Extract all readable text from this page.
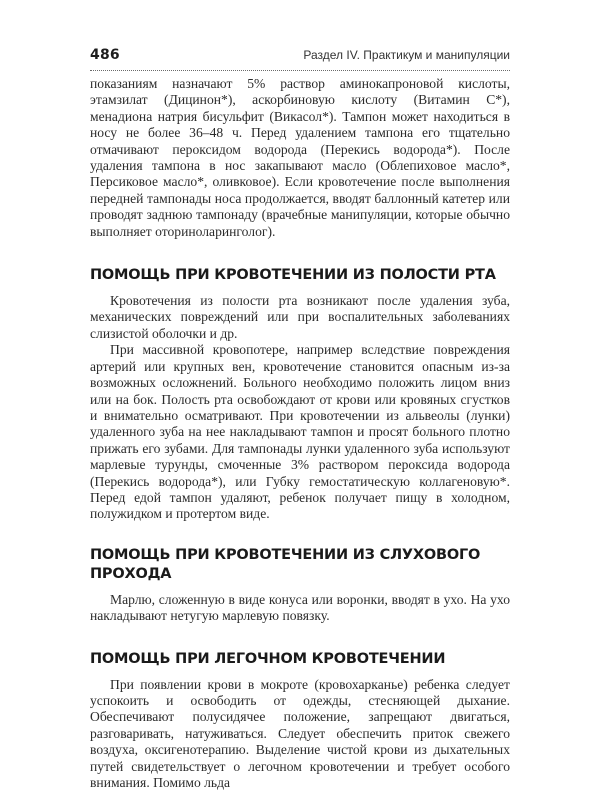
486	Раздел IV. Практикум и манипуляции

показаниям назначают 5% раствор аминокапроновой кислоты, этамзилат (Дицинон*), аскорбиновую кислоту (Витамин С*), менадиона натрия бисульфит (Викасол*). Тампон может находиться в носу не более 36–48 ч. Перед удалением тампона его тщательно отмачивают пероксидом водорода (Перекись водорода*). После удаления тампона в нос закапывают масло (Облепиховое масло*, Персиковое масло*, оливковое). Если кровотечение после выполнения передней тампонады носа продолжается, вводят баллонный катетер или проводят заднюю тампонаду (врачебные манипуляции, которые обычно выполняет оториноларинголог).

ПОМОЩЬ ПРИ КРОВОТЕЧЕНИИ ИЗ ПОЛОСТИ РТА

Кровотечения из полости рта возникают после удаления зуба, механических повреждений или при воспалительных заболеваниях слизистой оболочки и др.

При массивной кровопотере, например вследствие повреждения артерий или крупных вен, кровотечение становится опасным из-за возможных осложнений. Больного необходимо положить лицом вниз или на бок. Полость рта освобождают от крови или кровяных сгустков и внимательно осматривают. При кровотечении из альвеолы (лунки) удаленного зуба на нее накладывают тампон и просят больного плотно прижать его зубами. Для тампонады лунки удаленного зуба используют марлевые турунды, смоченные 3% раствором пероксида водорода (Перекись водорода*), или Губку гемостатическую коллагеновую*. Перед едой тампон удаляют, ребенок получает пищу в холодном, полужидком и протертом виде.

ПОМОЩЬ ПРИ КРОВОТЕЧЕНИИ ИЗ СЛУХОВОГО ПРОХОДА

Марлю, сложенную в виде конуса или воронки, вводят в ухо. На ухо накладывают нетугую марлевую повязку.

ПОМОЩЬ ПРИ ЛЕГОЧНОМ КРОВОТЕЧЕНИИ

При появлении крови в мокроте (кровохарканье) ребенка следует успокоить и освободить от одежды, стесняющей дыхание. Обеспечивают полусидячее положение, запрещают двигаться, разговаривать, натуживаться. Следует обеспечить приток свежего воздуха, оксигенотерапию. Выделение чистой крови из дыхательных путей свидетельствует о легочном кровотечении и требует особого внимания. Помимо льда
